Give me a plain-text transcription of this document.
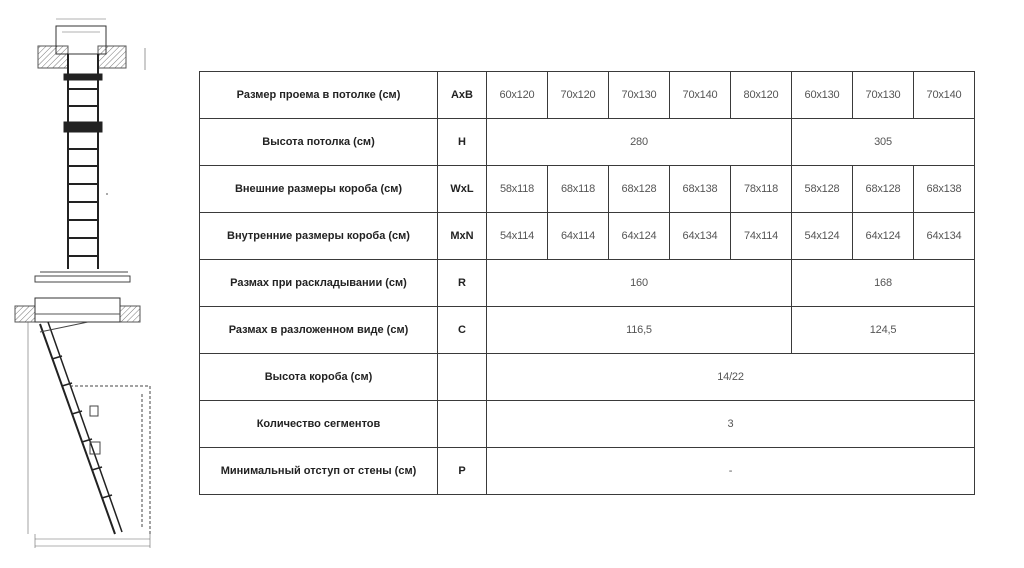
Размер проема в потолке (см)	AxB	60x120	70x120	70x130	70x140	80x120	60x130	70x130	70x140
Высота потолка (см)	H	280					305		
Внешние размеры короба (см)	WxL	58x118	68x118	68x128	68x138	78x118	58x128	68x128	68x138
Внутренние размеры короба (см)	MxN	54x114	64x114	64x124	64x134	74x114	54x124	64x124	64x134
Размах при раскладывании (см)	R	160					168		
Размах в разложенном виде (см)	C	116,5					124,5		
Высота короба (см)		14/22							
Количество сегментов		3							
Минимальный отступ от стены (см)	P	-							
